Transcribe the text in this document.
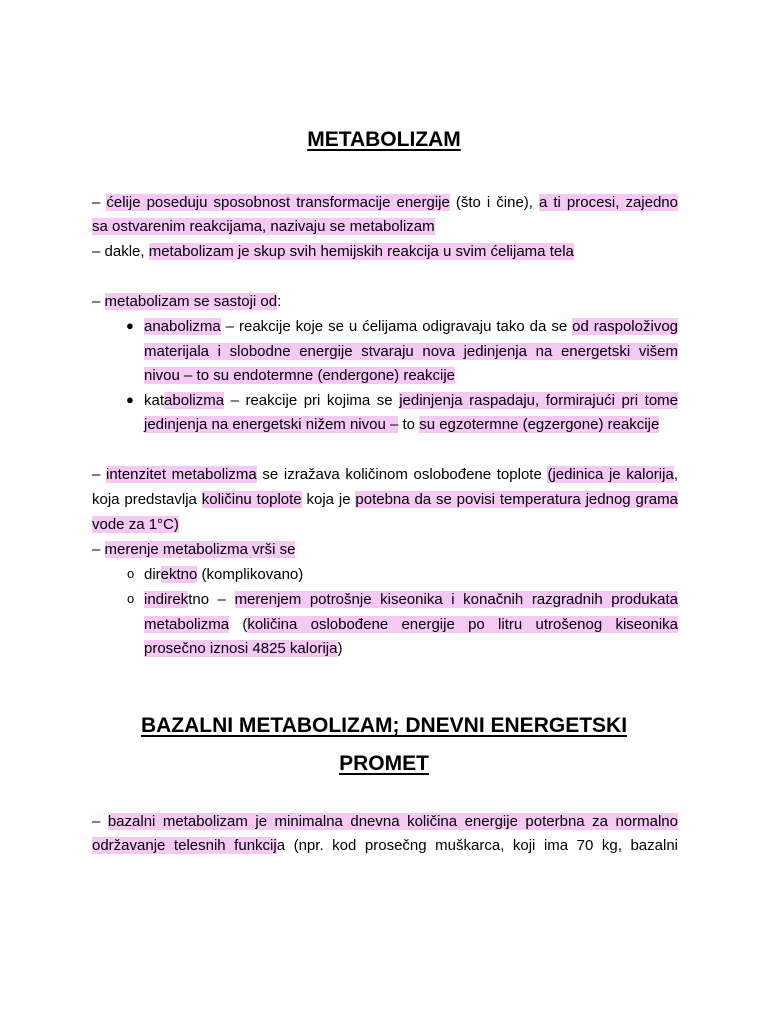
METABOLIZAM
– ćelije poseduju sposobnost transformacije energije (što i čine), a ti procesi, zajedno
sa ostvarenim reakcijama, nazivaju se metabolizam
– dakle, metabolizam je skup svih hemijskih reakcija u svim ćelijama tela
– metabolizam se sastoji od:
● anabolizma – reakcije koje se u ćelijama odigravaju tako da se od raspoloživog
materijala i slobodne energije stvaraju nova jedinjenja na energetski višem
nivou – to su endotermne (endergone) reakcije
● katabolizma – reakcije pri kojima se jedinjenja raspadaju, formirajući pri tome
jedinjenja na energetski nižem nivou – to su egzotermne (egzergone) reakcije
– intenzitet metabolizma se izražava količinom oslobođene toplote (jedinica je kalorija,
koja predstavlja količinu toplote koja je potebna da se povisi temperatura jednog grama
vode za 1°C)
– merenje metabolizma vrši se
o direktno (komplikovano)
o indirektno – merenjem potrošnje kiseonika i konačnih razgradnih produkata
metabolizma (količina oslobođene energije po litru utrošenog kiseonika
prosečno iznosi 4825 kalorija)
BAZALNI METABOLIZAM; DNEVNI ENERGETSKI
PROMET
– bazalni metabolizam je minimalna dnevna količina energije poterbna za normalno
održavanje telesnih funkcija (npr. kod prosečng muškarca, koji ima 70 kg, bazalni
